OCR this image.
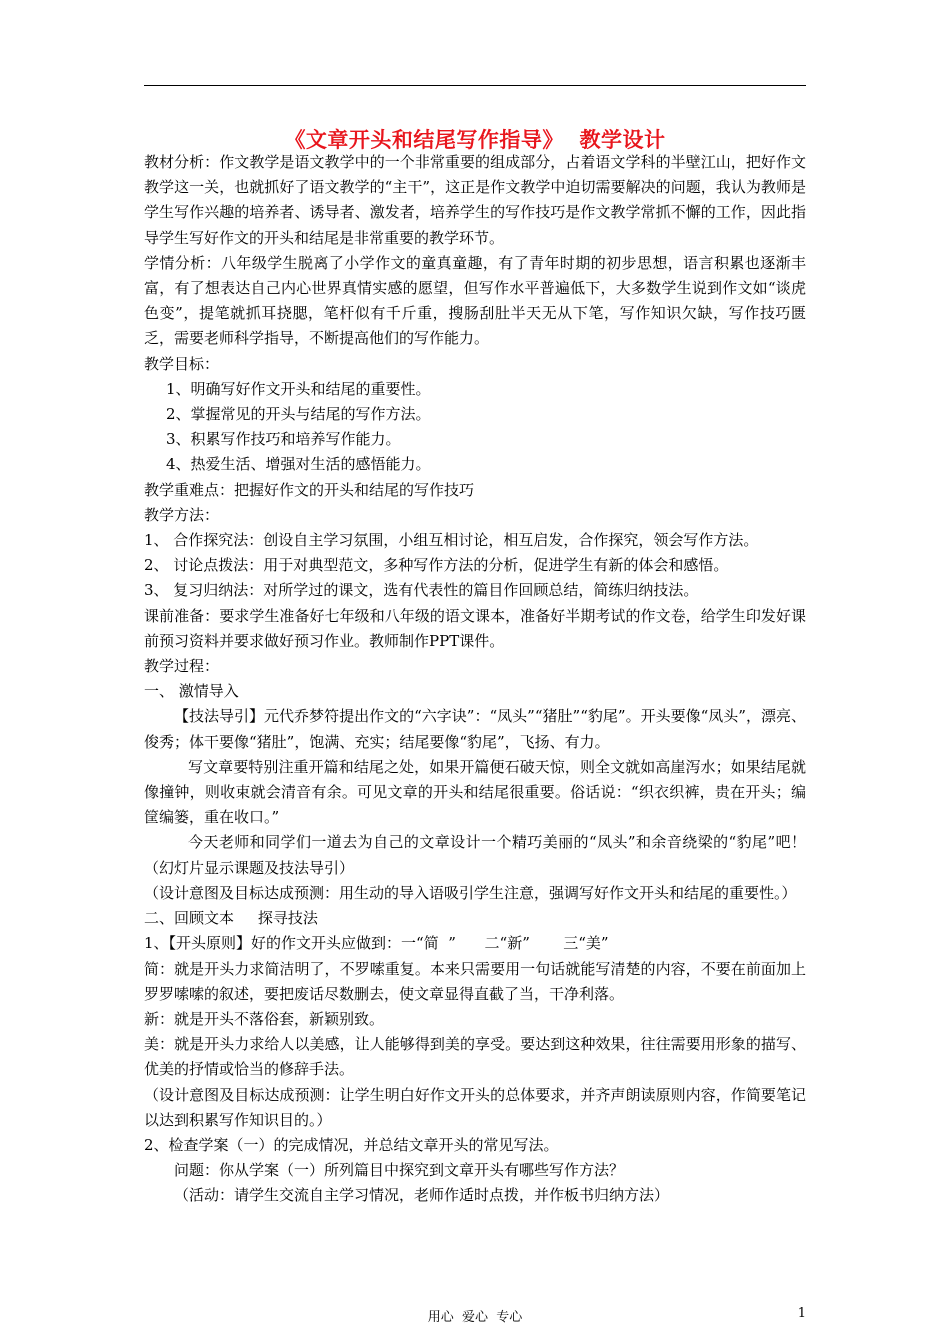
《文章开头和结尾写作指导》  教学设计

教材分析：作文教学是语文教学中的一个非常重要的组成部分，占着语文学科的半壁江山，把好作文教学这一关，也就抓好了语文教学的“主干”，这正是作文教学中迫切需要解决的问题，我认为教师是学生写作兴趣的培养者、诱导者、激发者，培养学生的写作技巧是作文教学常抓不懈的工作，因此指导学生写好作文的开头和结尾是非常重要的教学环节。

学情分析：八年级学生脱离了小学作文的童真童趣，有了青年时期的初步思想，语言积累也逐渐丰富，有了想表达自己内心世界真情实感的愿望，但写作水平普遍低下，大多数学生说到作文如“谈虎色变”，提笔就抓耳挠腮，笔杆似有千斤重，搜肠刮肚半天无从下笔，写作知识欠缺，写作技巧匮乏，需要老师科学指导，不断提高他们的写作能力。

教学目标：

1、明确写好作文开头和结尾的重要性。

2、掌握常见的开头与结尾的写作方法。

3、积累写作技巧和培养写作能力。

4、热爱生活、增强对生活的感悟能力。

教学重难点：把握好作文的开头和结尾的写作技巧

教学方法：

1、 合作探究法：创设自主学习氛围，小组互相讨论，相互启发，合作探究，领会写作方法。

2、 讨论点拨法：用于对典型范文，多种写作方法的分析，促进学生有新的体会和感悟。

3、 复习归纳法：对所学过的课文，选有代表性的篇目作回顾总结，简练归纳技法。

课前准备：要求学生准备好七年级和八年级的语文课本，准备好半期考试的作文卷，给学生印发好课前预习资料并要求做好预习作业。教师制作PPT课件。

教学过程：

一、 激情导入

【技法导引】元代乔梦符提出作文的“六字诀”：“凤头”“猪肚”“豹尾”。开头要像“凤头”，漂亮、俊秀；体干要像“猪肚”，饱满、充实；结尾要像“豹尾”，飞扬、有力。

写文章要特别注重开篇和结尾之处，如果开篇便石破天惊，则全文就如高崖泻水；如果结尾就像撞钟，则收束就会清音有余。可见文章的开头和结尾很重要。俗话说：“织衣织裤，贵在开头；编筐编篓，重在收口。”

今天老师和同学们一道去为自己的文章设计一个精巧美丽的“凤头”和余音绕梁的“豹尾”吧！（幻灯片显示课题及技法导引）

（设计意图及目标达成预测：用生动的导入语吸引学生注意，强调写好作文开头和结尾的重要性。）

二、回顾文本     探寻技法

1、【开头原则】好的作文开头应做到：一“简  ”      二“新”       三“美”

简：就是开头力求简洁明了，不罗嗦重复。本来只需要用一句话就能写清楚的内容，不要在前面加上罗罗嗦嗦的叙述，要把废话尽数删去，使文章显得直截了当，干净利落。

新：就是开头不落俗套，新颖别致。

美：就是开头力求给人以美感，让人能够得到美的享受。要达到这种效果，往往需要用形象的描写、优美的抒情或恰当的修辞手法。

（设计意图及目标达成预测：让学生明白好作文开头的总体要求，并齐声朗读原则内容，作简要笔记以达到积累写作知识目的。）

2、检查学案（一）的完成情况，并总结文章开头的常见写法。

问题：你从学案（一）所列篇目中探究到文章开头有哪些写作方法？

（活动：请学生交流自主学习情况，老师作适时点拨，并作板书归纳方法）

用心  爱心  专心	1
